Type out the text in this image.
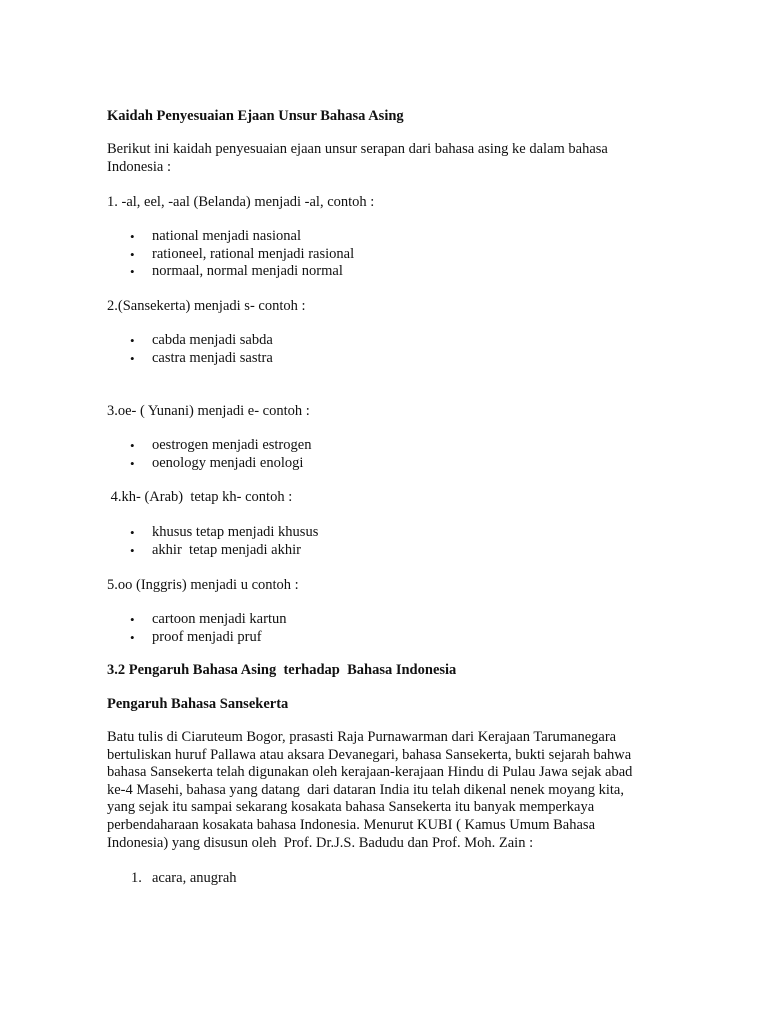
Kaidah Penyesuaian Ejaan Unsur Bahasa Asing

Berikut ini kaidah penyesuaian ejaan unsur serapan dari bahasa asing ke dalam bahasa
Indonesia :

1. -al, eel, -aal (Belanda) menjadi -al, contoh :

• national menjadi nasional
• rationeel, rational menjadi rasional
• normaal, normal menjadi normal

2.(Sansekerta) menjadi s- contoh :

• cabda menjadi sabda
• castra menjadi sastra

3.oe- ( Yunani) menjadi e- contoh :

• oestrogen menjadi estrogen
• oenology menjadi enologi

4.kh- (Arab)  tetap kh- contoh :

• khusus tetap menjadi khusus
• akhir  tetap menjadi akhir

5.oo (Inggris) menjadi u contoh :

• cartoon menjadi kartun
• proof menjadi pruf

3.2 Pengaruh Bahasa Asing  terhadap  Bahasa Indonesia

Pengaruh Bahasa Sansekerta

Batu tulis di Ciaruteum Bogor, prasasti Raja Purnawarman dari Kerajaan Tarumanegara
bertuliskan huruf Pallawa atau aksara Devanegari, bahasa Sansekerta, bukti sejarah bahwa
bahasa Sansekerta telah digunakan oleh kerajaan-kerajaan Hindu di Pulau Jawa sejak abad
ke-4 Masehi, bahasa yang datang  dari dataran India itu telah dikenal nenek moyang kita,
yang sejak itu sampai sekarang kosakata bahasa Sansekerta itu banyak memperkaya
perbendaharaan kosakata bahasa Indonesia. Menurut KUBI ( Kamus Umum Bahasa
Indonesia) yang disusun oleh  Prof. Dr.J.S. Badudu dan Prof. Moh. Zain :

1. acara, anugrah
